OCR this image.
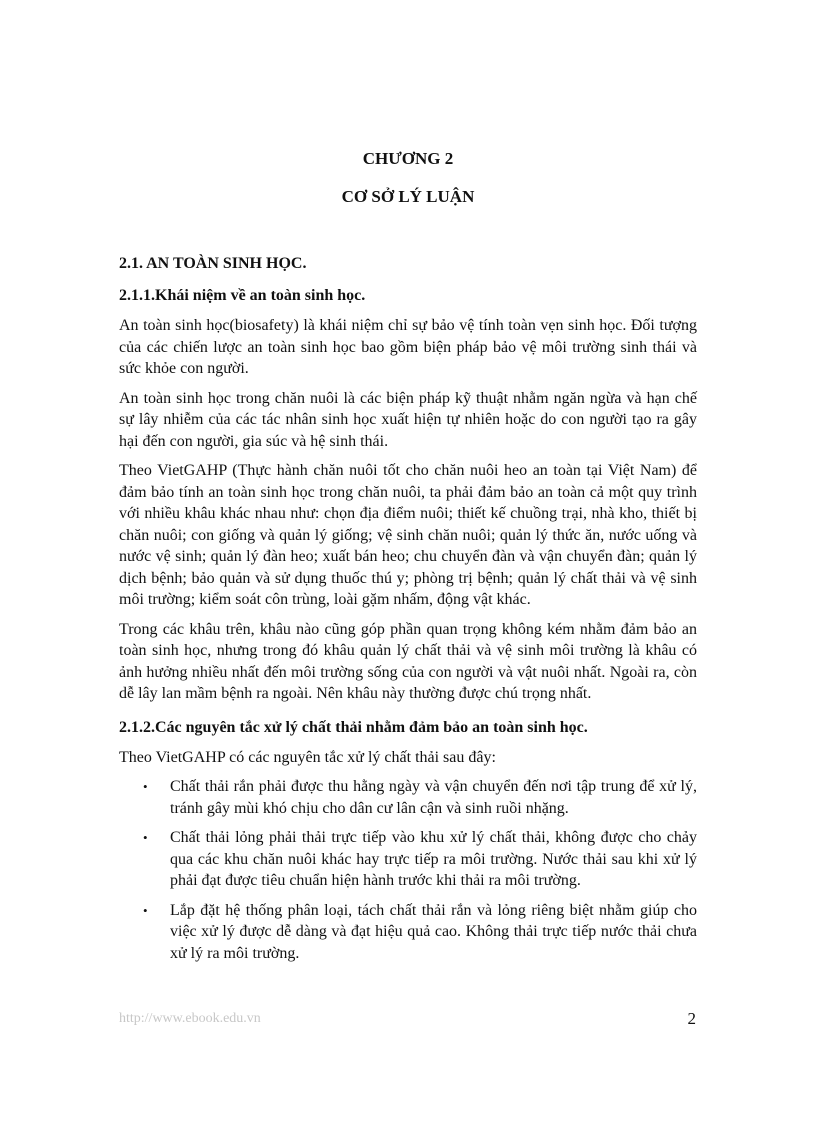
CHƯƠNG 2
CƠ SỞ LÝ LUẬN
2.1. AN TOÀN SINH HỌC.
2.1.1.Khái niệm về an toàn sinh học.

An toàn sinh học(biosafety) là khái niệm chỉ sự bảo vệ tính toàn vẹn sinh học. Đối tượng của các chiến lược an toàn sinh học bao gồm biện pháp bảo vệ môi trường sinh thái và sức khỏe con người.

An toàn sinh học trong chăn nuôi là các biện pháp kỹ thuật nhằm ngăn ngừa và hạn chế sự lây nhiễm của các tác nhân sinh học xuất hiện tự nhiên hoặc do con người tạo ra gây hại đến con người, gia súc và hệ sinh thái.

Theo VietGAHP (Thực hành chăn nuôi tốt cho chăn nuôi heo an toàn tại Việt Nam) để đảm bảo tính an toàn sinh học trong chăn nuôi, ta phải đảm bảo an toàn cả một quy trình với nhiều khâu khác nhau như: chọn địa điểm nuôi; thiết kế chuồng trại, nhà kho, thiết bị chăn nuôi; con giống và quản lý giống; vệ sinh chăn nuôi; quản lý thức ăn, nước uống và nước vệ sinh; quản lý đàn heo; xuất bán heo; chu chuyển đàn và vận chuyển đàn; quản lý dịch bệnh; bảo quản và sử dụng thuốc thú y; phòng trị bệnh; quản lý chất thải và vệ sinh môi trường; kiểm soát côn trùng, loài gặm nhấm, động vật khác.

Trong các khâu trên, khâu nào cũng góp phần quan trọng không kém nhằm đảm bảo an toàn sinh học, nhưng trong đó khâu quản lý chất thải và vệ sinh môi trường là khâu có ảnh hưởng nhiều nhất đến môi trường sống của con người và vật nuôi nhất. Ngoài ra, còn dễ lây lan mầm bệnh ra ngoài. Nên khâu này thường được chú trọng nhất.

2.1.2.Các nguyên tắc xử lý chất thải nhằm đảm bảo an toàn sinh học.

Theo VietGAHP có các nguyên tắc xử lý chất thải sau đây:

• Chất thải rắn phải được thu hằng ngày và vận chuyển đến nơi tập trung để xử lý, tránh gây mùi khó chịu cho dân cư lân cận và sinh ruồi nhặng.
• Chất thải lỏng phải thải trực tiếp vào khu xử lý chất thải, không được cho chảy qua các khu chăn nuôi khác hay trực tiếp ra môi trường. Nước thải sau khi xử lý phải đạt được tiêu chuẩn hiện hành trước khi thải ra môi trường.
• Lắp đặt hệ thống phân loại, tách chất thải rắn và lỏng riêng biệt nhằm giúp cho việc xử lý được dễ dàng và đạt hiệu quả cao. Không thải trực tiếp nước thải chưa xử lý ra môi trường.
http://www.ebook.edu.vn	2
